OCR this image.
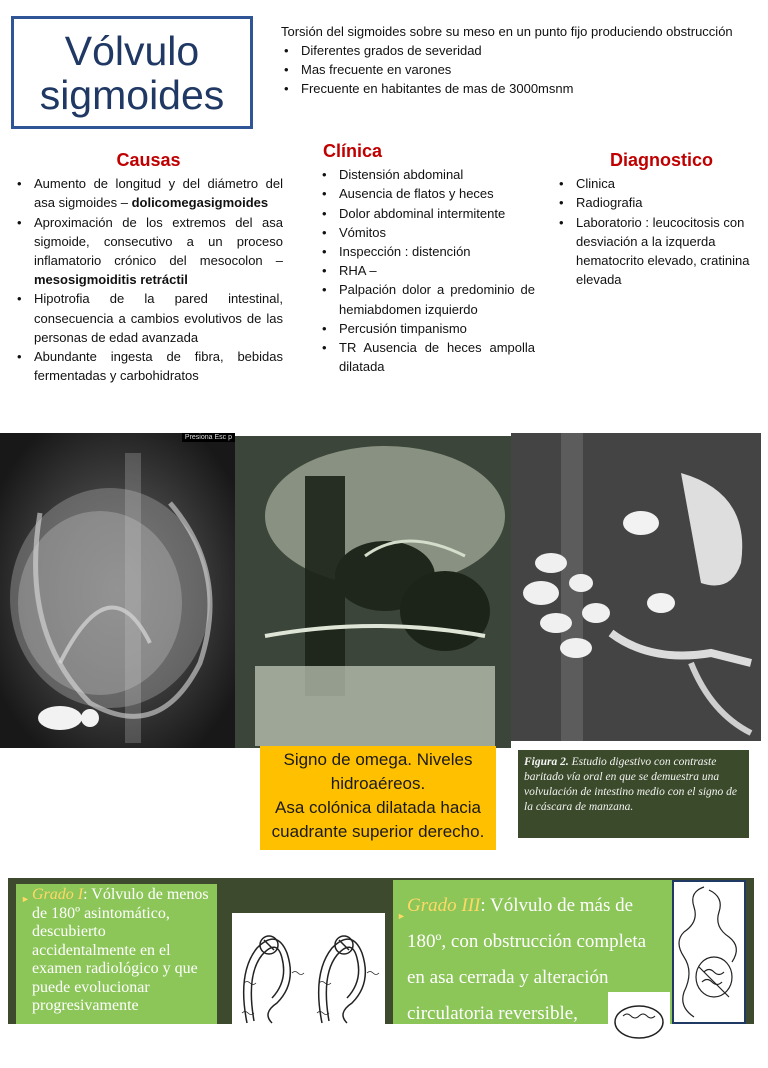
Vólvulo
sigmoides

Torsión del sigmoides sobre su meso en un punto fijo produciendo obstrucción

• Diferentes grados de severidad
• Mas frecuente en varones
• Frecuente en habitantes de mas de 3000msnm
Causas
• Aumento de longitud y del diámetro del asa sigmoides – dolicomegasigmoides
• Aproximación de los extremos del asa sigmoide, consecutivo a un proceso inflamatorio crónico del mesocolon – mesosigmoiditis retráctil
• Hipotrofia de la pared intestinal, consecuencia a cambios evolutivos de las personas de edad avanzada
• Abundante ingesta de fibra, bebidas fermentadas y carbohidratos
Clínica
• Distensión abdominal
• Ausencia de flatos y heces
• Dolor abdominal intermitente
• Vómitos
• Inspección : distención
• RHA –
• Palpación dolor a predominio de hemiabdomen izquierdo
• Percusión timpanismo
• TR Ausencia de heces ampolla dilatada
Diagnostico
• Clinica
• Radiografia
• Laboratorio : leucocitosis con desviación a la izquerda hematocrito elevado, cratinina elevada
Presiona Esc p

Signo de omega. Niveles
hidroaéreos.
Asa colónica dilatada hacia
cuadrante superior derecho.

Figura 2. Estudio digestivo con contraste baritado vía oral en que se demuestra una volvulación de intestino medio con el signo de la cáscara de manzana.
► Grado I: Vólvulo de menos de 180º asintomático, descubierto accidentalmente en el examen radiológico y que puede evolucionar progresivamente
► Grado III: Vólvulo de más de 180º, con obstrucción completa en asa cerrada y alteración circulatoria reversible, permaneciendo el asa viable.
